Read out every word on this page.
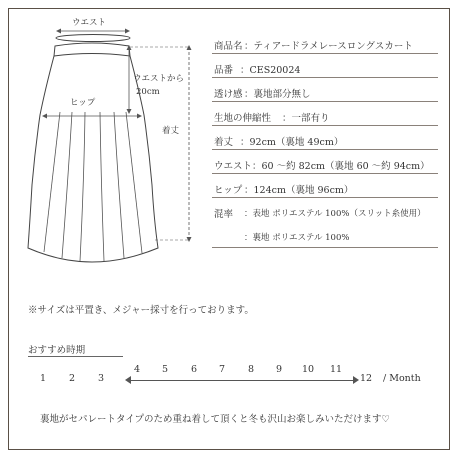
ウエスト
ウエストから
20cm
ヒップ
着丈
商品名 ：ティアードラメレースロングスカート
品番 ：CES20024
透け感 ：裏地部分無し
生地の伸縮性 ：一部有り
着丈 ：92cm（裏地 49cm）
ウエスト ：60 ～約 82cm（裏地 60 ～約 94cm）
ヒップ ：124cm（裏地 96cm）
混率 ：表地 ポリエステル 100%（スリット糸使用）
：裏地 ポリエステル 100%
※サイズは平置き、メジャー採寸を行っております。
おすすめ時期
1	2	3
4	5	6	7	8	9	10 11
12 / Month
裏地がセパレートタイプのため重ね着して頂くと冬も沢山お楽しみいただけます♡
